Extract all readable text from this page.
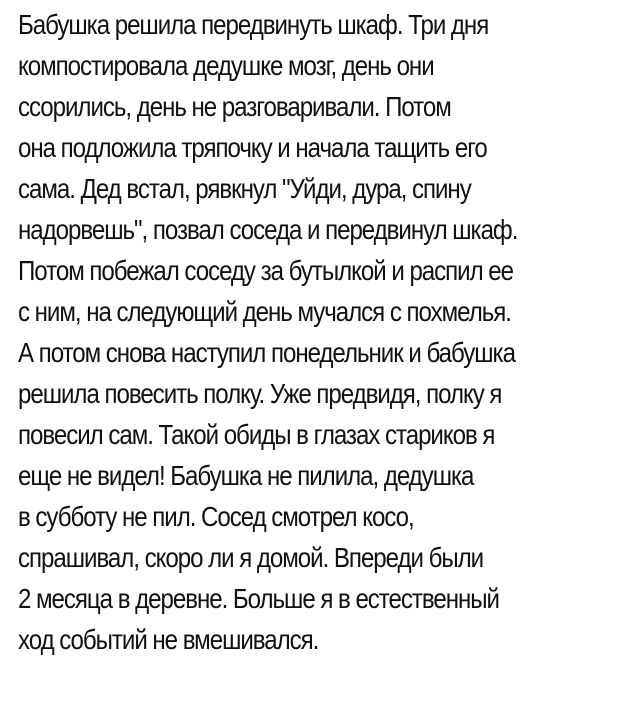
Бабушка решила передвинуть шкаф. Три дня
компостировала дедушке мозг, день они
ссорились, день не разговаривали. Потом
она подложила тряпочку и начала тащить его
сама. Дед встал, рявкнул "Уйди, дура, спину
надорвешь", позвал соседа и передвинул шкаф.
Потом побежал соседу за бутылкой и распил ее
с ним, на следующий день мучался с похмелья.
А потом снова наступил понедельник и бабушка
решила повесить полку. Уже предвидя, полку я
повесил сам. Такой обиды в глазах стариков я
еще не видел! Бабушка не пилила, дедушка
в субботу не пил. Сосед смотрел косо,
спрашивал, скоро ли я домой. Впереди были
2 месяца в деревне. Больше я в естественный
ход событий не вмешивался.
